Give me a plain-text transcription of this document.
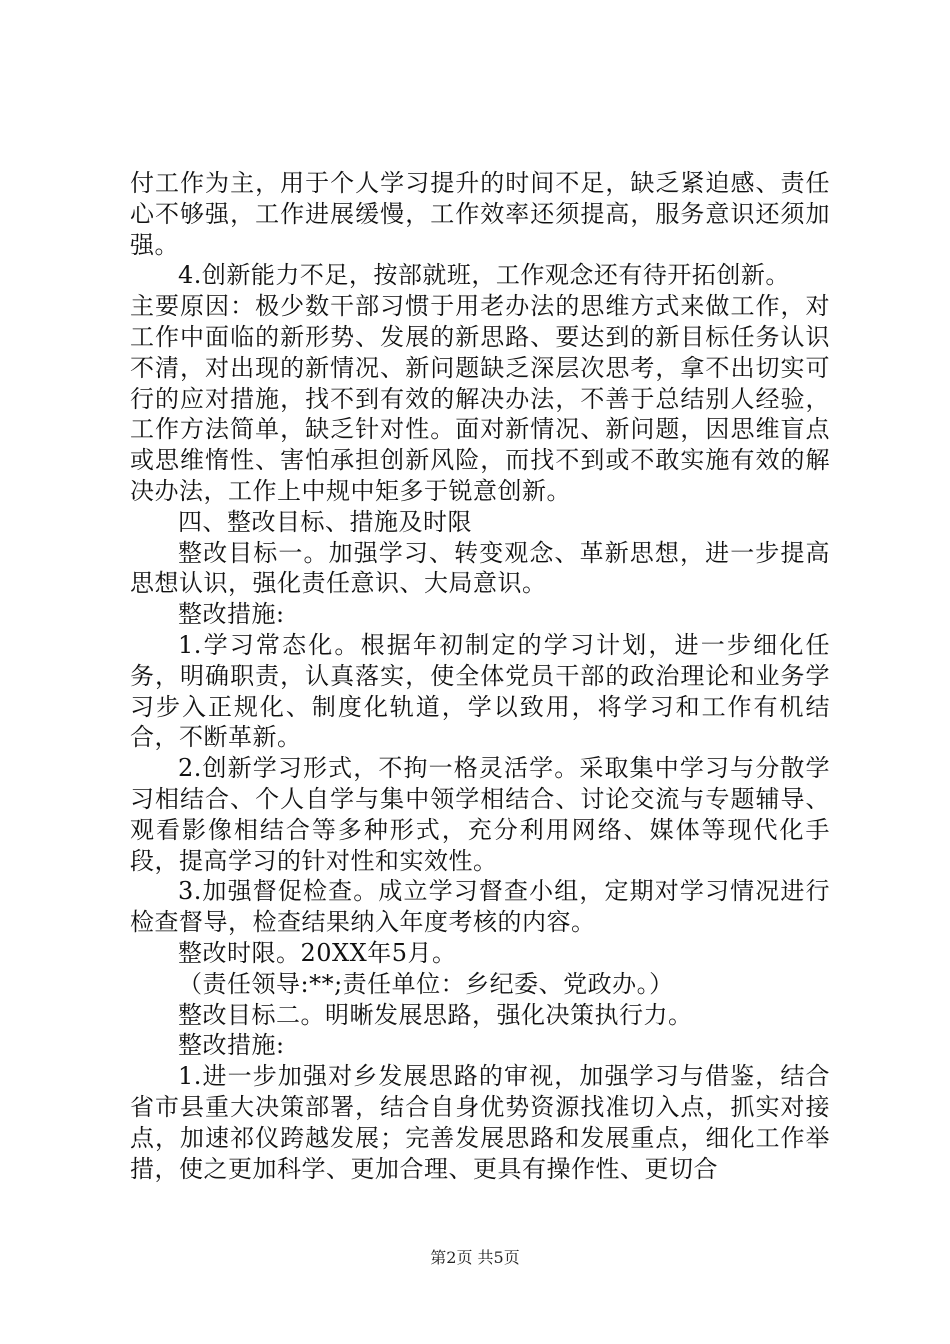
付工作为主，用于个人学习提升的时间不足，缺乏紧迫感、责任心不够强，工作进展缓慢，工作效率还须提高，服务意识还须加强。

4.创新能力不足，按部就班，工作观念还有待开拓创新。

主要原因：极少数干部习惯于用老办法的思维方式来做工作，对工作中面临的新形势、发展的新思路、要达到的新目标任务认识不清，对出现的新情况、新问题缺乏深层次思考，拿不出切实可行的应对措施，找不到有效的解决办法，不善于总结别人经验，工作方法简单，缺乏针对性。面对新情况、新问题，因思维盲点或思维惰性、害怕承担创新风险，而找不到或不敢实施有效的解决办法，工作上中规中矩多于锐意创新。

四、整改目标、措施及时限

整改目标一。加强学习、转变观念、革新思想，进一步提高思想认识，强化责任意识、大局意识。

整改措施:

1.学习常态化。根据年初制定的学习计划，进一步细化任务，明确职责，认真落实，使全体党员干部的政治理论和业务学习步入正规化、制度化轨道，学以致用，将学习和工作有机结合，不断革新。

2.创新学习形式，不拘一格灵活学。采取集中学习与分散学习相结合、个人自学与集中领学相结合、讨论交流与专题辅导、观看影像相结合等多种形式，充分利用网络、媒体等现代化手段，提高学习的针对性和实效性。

3.加强督促检查。成立学习督查小组，定期对学习情况进行检查督导，检查结果纳入年度考核的内容。

整改时限。20XX年5月。

（责任领导:**;责任单位：乡纪委、党政办。）

整改目标二。明晰发展思路，强化决策执行力。

整改措施:

1.进一步加强对乡发展思路的审视，加强学习与借鉴，结合省市县重大决策部署，结合自身优势资源找准切入点，抓实对接点，加速祁仪跨越发展；完善发展思路和发展重点，细化工作举措，使之更加科学、更加合理、更具有操作性、更切合

第2页 共5页
